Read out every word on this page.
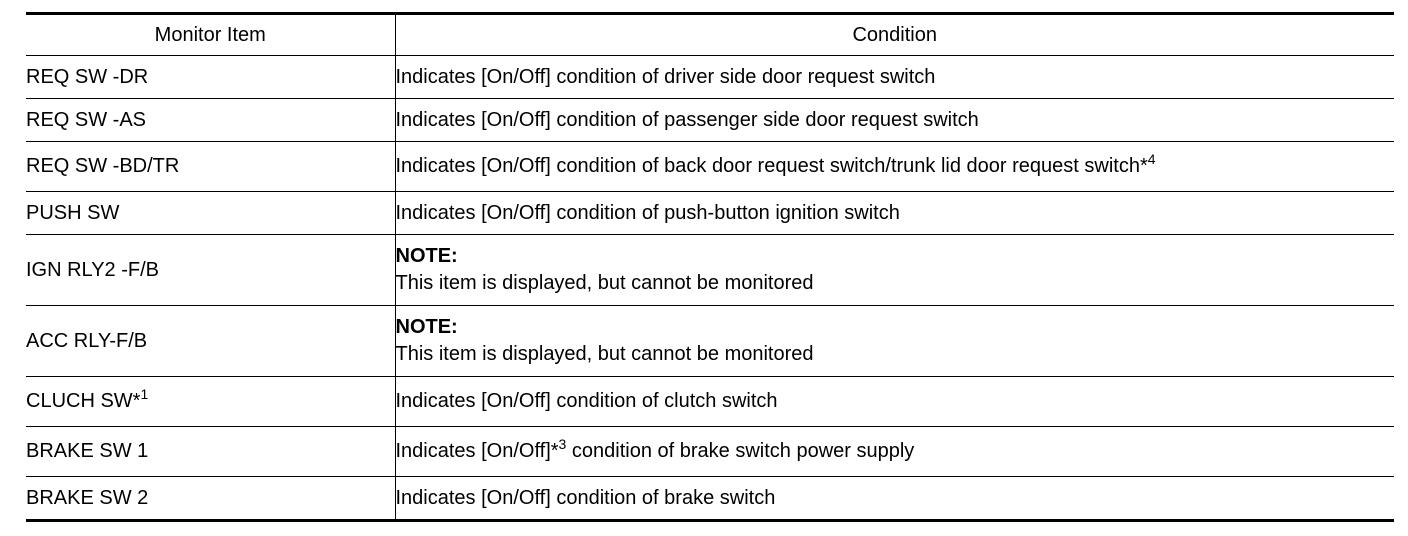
Monitor Item	Condition
REQ SW -DR	Indicates [On/Off] condition of driver side door request switch
REQ SW -AS	Indicates [On/Off] condition of passenger side door request switch
REQ SW -BD/TR	Indicates [On/Off] condition of back door request switch/trunk lid door request switch*$^4$
PUSH SW	Indicates [On/Off] condition of push-button ignition switch
IGN RLY2 -F/B	NOTE:
This item is displayed, but cannot be monitored

ACC RLY-F/B	NOTE:
This item is displayed, but cannot be monitored

CLUCH SW*$^1$	Indicates [On/Off] condition of clutch switch
BRAKE SW 1	Indicates [On/Off]*$^3$ condition of brake switch power supply
BRAKE SW 2	Indicates [On/Off] condition of brake switch
